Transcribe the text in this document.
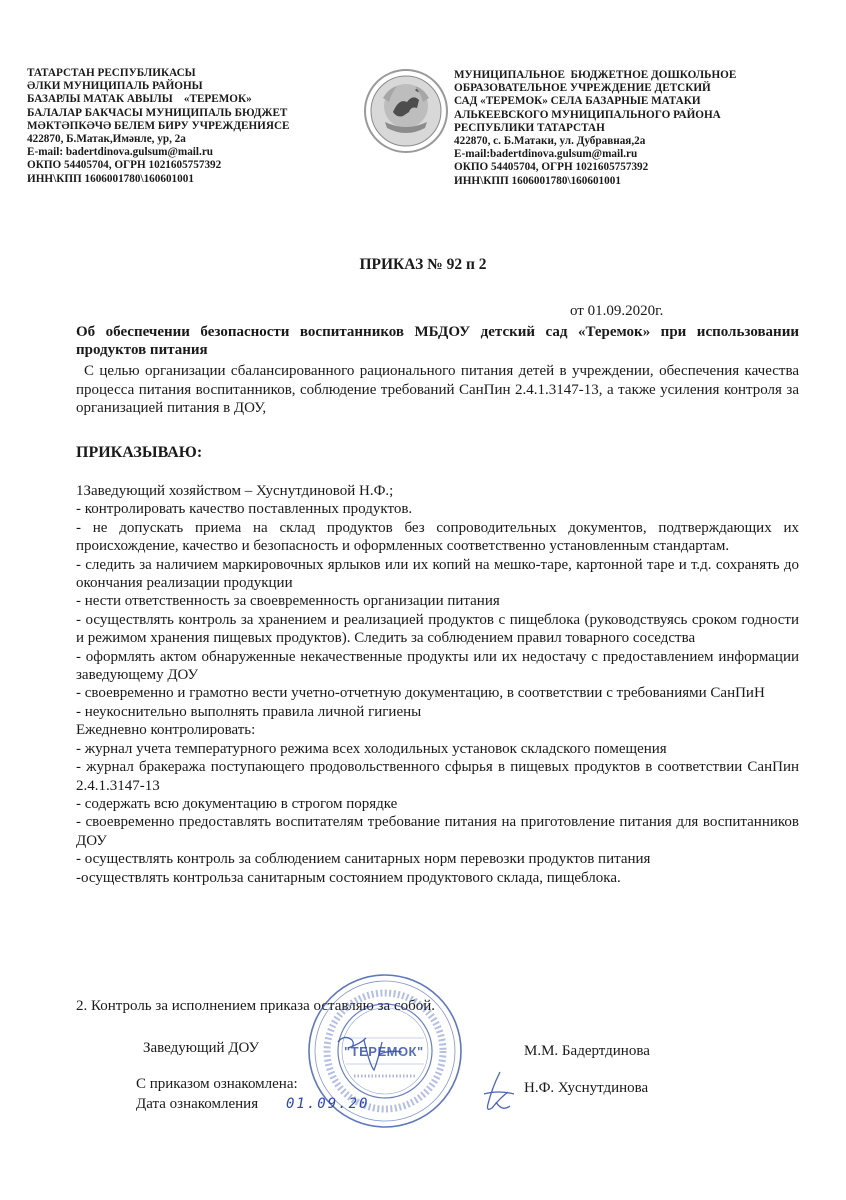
ТАТАРСТАН РЕСПУБЛИКАСЫ
ӘЛКИ МУНИЦИПАЛЬ РАЙОНЫ
БАЗАРЛЫ МАТАК АВЫЛЫ    «ТЕРЕМОК»
БАЛАЛАР БАКЧАСЫ МУНИЦИПАЛЬ БЮДЖЕТ
МӘКТӘПКӘЧӘ БЕЛЕМ БИРУ УЧРЕЖДЕНИЯСЕ
422870, Б.Матак,Имәнле, ур, 2а
E-mail: badertdinova.gulsum@mail.ru
ОКПО 54405704, ОГРН 1021605757392
ИНН\КПП 1606001780\160601001
МУНИЦИПАЛЬНОЕ  БЮДЖЕТНОЕ ДОШКОЛЬНОЕ
ОБРАЗОВАТЕЛЬНОЕ УЧРЕЖДЕНИЕ ДЕТСКИЙ
САД «ТЕРЕМОК» СЕЛА БАЗАРНЫЕ МАТАКИ
АЛЬКЕЕВСКОГО МУНИЦИПАЛЬНОГО РАЙОНА
РЕСПУБЛИКИ ТАТАРСТАН
422870, с. Б.Матаки, ул. Дубравная,2а
E-mail:badertdinova.gulsum@mail.ru
ОКПО 54405704, ОГРН 1021605757392
ИНН\КПП 1606001780\160601001
ПРИКАЗ № 92 п 2
от 01.09.2020г.
Об обеспечении безопасности воспитанников МБДОУ детский сад «Теремок» при использовании продуктов питания
С целью организации сбалансированного рационального питания детей в учреждении, обеспечения качества процесса питания воспитанников, соблюдение требований СанПин 2.4.1.3147-13, а также усиления контроля за организацией питания в ДОУ,
ПРИКАЗЫВАЮ:
1Заведующий хозяйством – Хуснутдиновой Н.Ф.;
- контролировать качество поставленных продуктов.
- не допускать приема на склад продуктов без сопроводительных документов, подтверждающих их происхождение, качество и безопасность и оформленных соответственно установленным стандартам.
- следить за наличием маркировочных ярлыков или их копий на мешко-таре, картонной таре и т.д. сохранять до окончания реализации продукции
- нести ответственность за своевременность организации питания
- осуществлять контроль за хранением и реализацией продуктов с пищеблока (руководствуясь сроком годности и режимом хранения пищевых продуктов). Следить за соблюдением правил товарного соседства
- оформлять актом обнаруженные некачественные продукты или их недостачу с предоставлением информации заведующему ДОУ
- своевременно и грамотно вести учетно-отчетную документацию, в соответствии с требованиями СанПиН
- неукоснительно выполнять правила личной гигиены
Ежедневно контролировать:
- журнал учета температурного режима всех холодильных установок складского помещения
- журнал бракеража поступающего продовольственного сфырья в пищевых продуктов в соответствии СанПин 2.4.1.3147-13
- содержать всю документацию в строгом порядке
- своевременно предоставлять воспитателям требование питания на приготовление питания для воспитанников ДОУ
- осуществлять контроль за соблюдением санитарных норм перевозки продуктов питания
-осуществлять контрольза санитарным состоянием продуктового склада, пищеблока.
2. Контроль за исполнением приказа оставляю за собой.
"ТЕРЕМОК"
Заведующий ДОУ	М.М. Бадертдинова
С приказом ознакомлена:	Н.Ф. Хуснутдинова
Дата ознакомления 01.09.20
